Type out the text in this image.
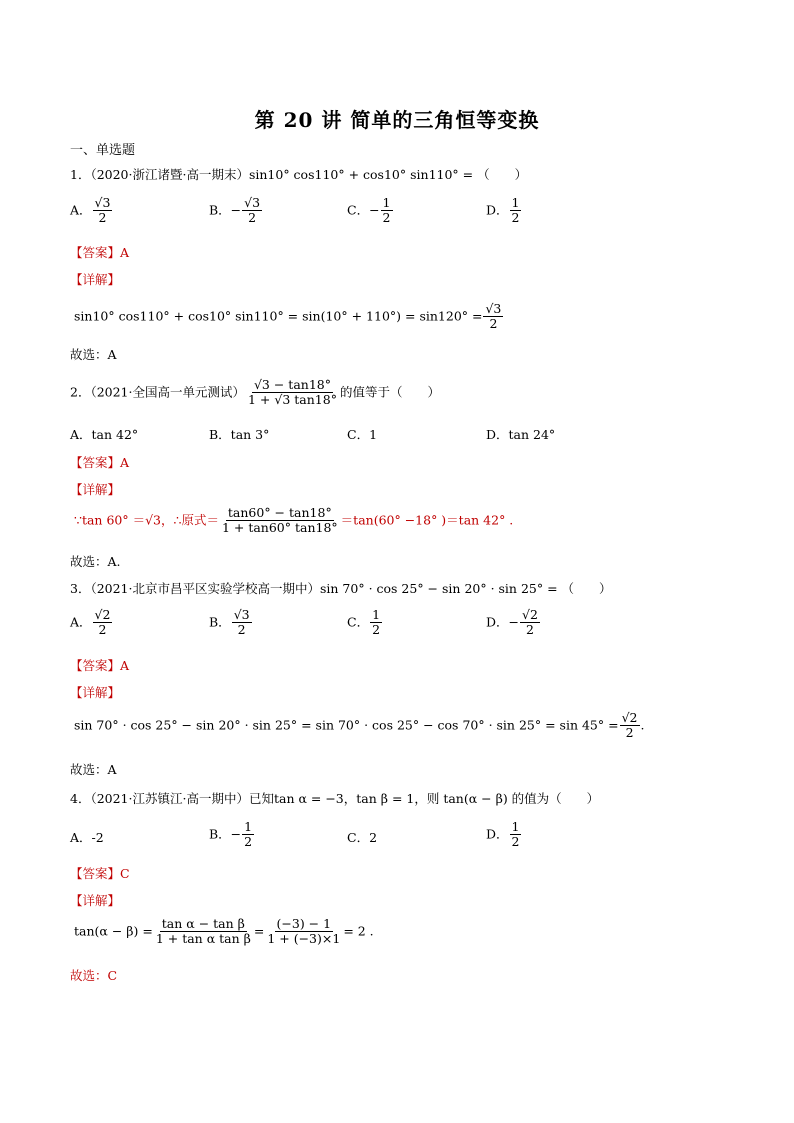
第 20 讲 简单的三角恒等变换
一、单选题
1．（2020·浙江诸暨·高一期末）sin10° cos110° + cos10° sin110° = （　　）
A． $\frac{√3}{2}$	B．− $\frac{√3}{2}$	C．− $\frac{1}{2}$	D． $\frac{1}{2}$
【答案】A
【详解】
sin10° cos110° + cos10° $\sin 110^\circ = \sin(10^\circ + 110^\circ) = \sin 120^\circ = \frac{√3}{2}$
故选：A
2．（2021·全国高一单元测试） $\frac{√3 - \tan 18^\circ}{1 + √3 \tan 18^\circ}$ 的值等于（　　）
A．tan 42°	B．tan 3°	C．1	D．tan 24°
【答案】A
【详解】
∵tan 60° ＝√3，∴原式＝ $\frac{\tan 60^\circ - \tan 18^\circ}{1 + \tan 60^\circ \tan 18^\circ} =\tan(60^\circ -18^\circ$ )＝tan 42° .
故选：A.
3．（2021·北京市昌平区实验学校高一期中）sin 70° · cos 25° − sin 20° · sin 25° = （　　）
A． $\frac{√2}{2}$	B． $\frac{√3}{2}$	C． $\frac{1}{2}$	D．− $\frac{√2}{2}$
【答案】A
【详解】
$\sin 70^\circ \cdot \cos 25^\circ - \sin 20^\circ \cdot \sin 25^\circ = \sin 70^\circ \cdot \cos 25^\circ - \cos 70^\circ \cdot \sin 25^\circ = \sin 45^\circ = \frac{√2}{2}$ .
故选：A
4．（2021·江苏镇江·高一期中）已知tan α = −3，tan β = 1，则 tan(α − β) 的值为（　　）
A．-2	B．− $\frac{1}{2}$	C．2	D． $\frac{1}{2}$
【答案】C
【详解】
$\tan(\alpha - \beta) = \frac{\text{tan α − tan β}}{\text{1 + tan α tan β}} = \frac{(-3) - 1}{1 + (-3)\times 1} = 2$ .
故选：C
